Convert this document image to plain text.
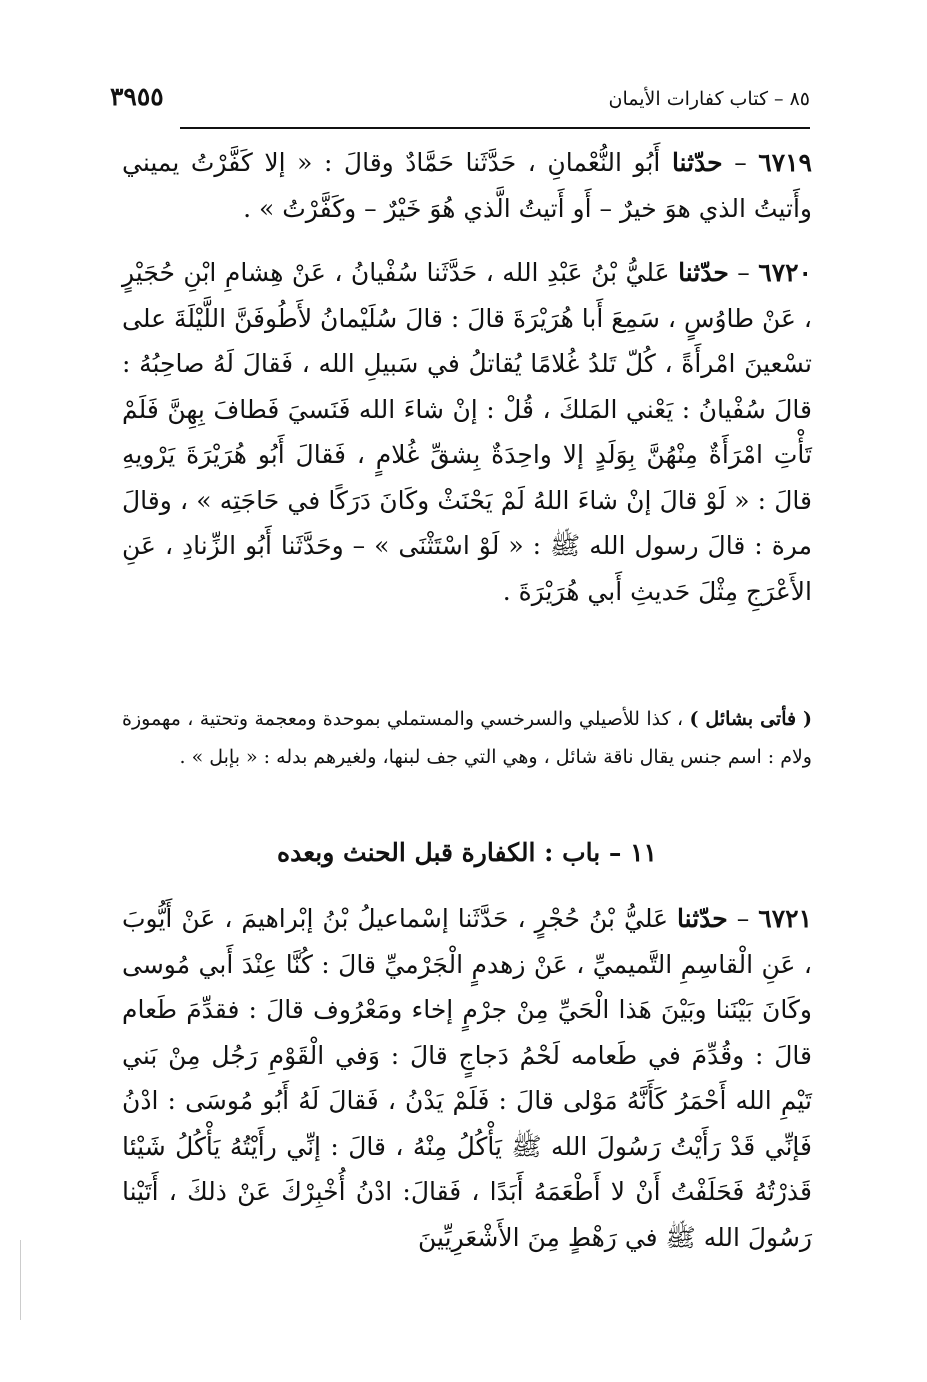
٨٥ – كتاب كفارات الأيمان
٣٩٥٥

٦٧١٩ – حدّثنا أَبُو النُّعْمانِ ، حَدَّثَنا حَمَّادٌ وقالَ : « إلا كَفَّرْتُ يميني وأَتيتُ الذي هوَ خيرٌ – أَو أَتيتُ الَّذي هُوَ خَيْرٌ – وكَفَّرْتُ » .

٦٧٢٠ – حدّثنا عَليُّ بْنُ عَبْدِ الله ، حَدَّثَنا سُفْيانُ ، عَنْ هِشامِ ابْنِ حُجَيْرٍ ، عَنْ طاوُسٍ ، سَمِعَ أَبا هُرَيْرَةَ قالَ : قالَ سُلَيْمانُ لأَطُوفَنَّ اللَّيْلَةَ على تسْعينَ امْرأَةً ، كُلّ تَلدُ غُلامًا يُقاتلُ في سَبيلِ الله ، فَقالَ لَهُ صاحِبُهُ : قالَ سُفْيانُ : يَعْني المَلكَ ، قُلْ : إنْ شاءَ الله فَنَسيَ فَطافَ بِهِنَّ فَلَمْ تَأْتِ امْرَأَةٌ مِنْهُنَّ بِوَلَدٍ إلا واحِدَةٌ بِشقِّ غُلامٍ ، فَقالَ أَبُو هُرَيْرَةَ يَرْويهِ قالَ : « لَوْ قالَ إنْ شاءَ اللهُ لَمْ يَحْنَثْ وكَانَ دَرَكًا في حَاجَتِه » ، وقالَ مرة : قالَ رسول الله ﷺ : « لَوْ اسْتَثْنَى » – وحَدَّثَنا أَبُو الزِّنادِ ، عَنِ الأَعْرَجِ مِثْلَ حَديثِ أَبي هُرَيْرَةَ .

( فأتى بشائل ) ، كذا للأصيلي والسرخسي والمستملي بموحدة ومعجمة وتحتية ، مهموزة ولام : اسم جنس يقال ناقة شائل ، وهي التي جف لبنها، ولغيرهم بدله : « بإبل » .

١١ – باب : الكفارة قبل الحنث وبعده

٦٧٢١ – حدّثنا عَليُّ بْنُ حُجْرٍ ، حَدَّثَنا إسْماعيلُ بْنُ إبْراهيمَ ، عَنْ أَيُّوبَ ، عَنِ الْقاسِمِ التَّميميِّ ، عَنْ زهدمٍ الْجَرْميِّ قالَ : كُنَّا عِنْدَ أَبي مُوسى وكَانَ بَيْنَنا وبَيْنَ هَذا الْحَيِّ مِنْ جرْمٍ إخاء ومَعْرُوف قالَ : فقدِّمَ طَعام قالَ : وقُدِّمَ في طَعامه لَحْمُ دَجاجٍ قالَ : وَفي الْقَوْمِ رَجُل مِنْ بَني تَيْمِ الله أَحْمَرُ كَأَنَّهُ مَوْلى قالَ : فَلَمْ يَدْنُ ، فَقالَ لَهُ أَبُو مُوسَى : ادْنُ فَإنِّي قَدْ رَأَيْتُ رَسُولَ الله ﷺ يَأْكُلُ مِنْهُ ، قالَ : إنِّي رأَيْتُهُ يَأْكُلُ شَيْئا قَذرْتُهُ فَحَلَفْتُ أَنْ لا أَطْعَمَهُ أَبَدًا ، فَقالَ: ادْنُ أُخْبِرْكَ عَنْ ذلكَ ، أَتَيْنا رَسُولَ الله ﷺ في رَهْطٍ مِنَ الأَشْعَرِيِّينَ
